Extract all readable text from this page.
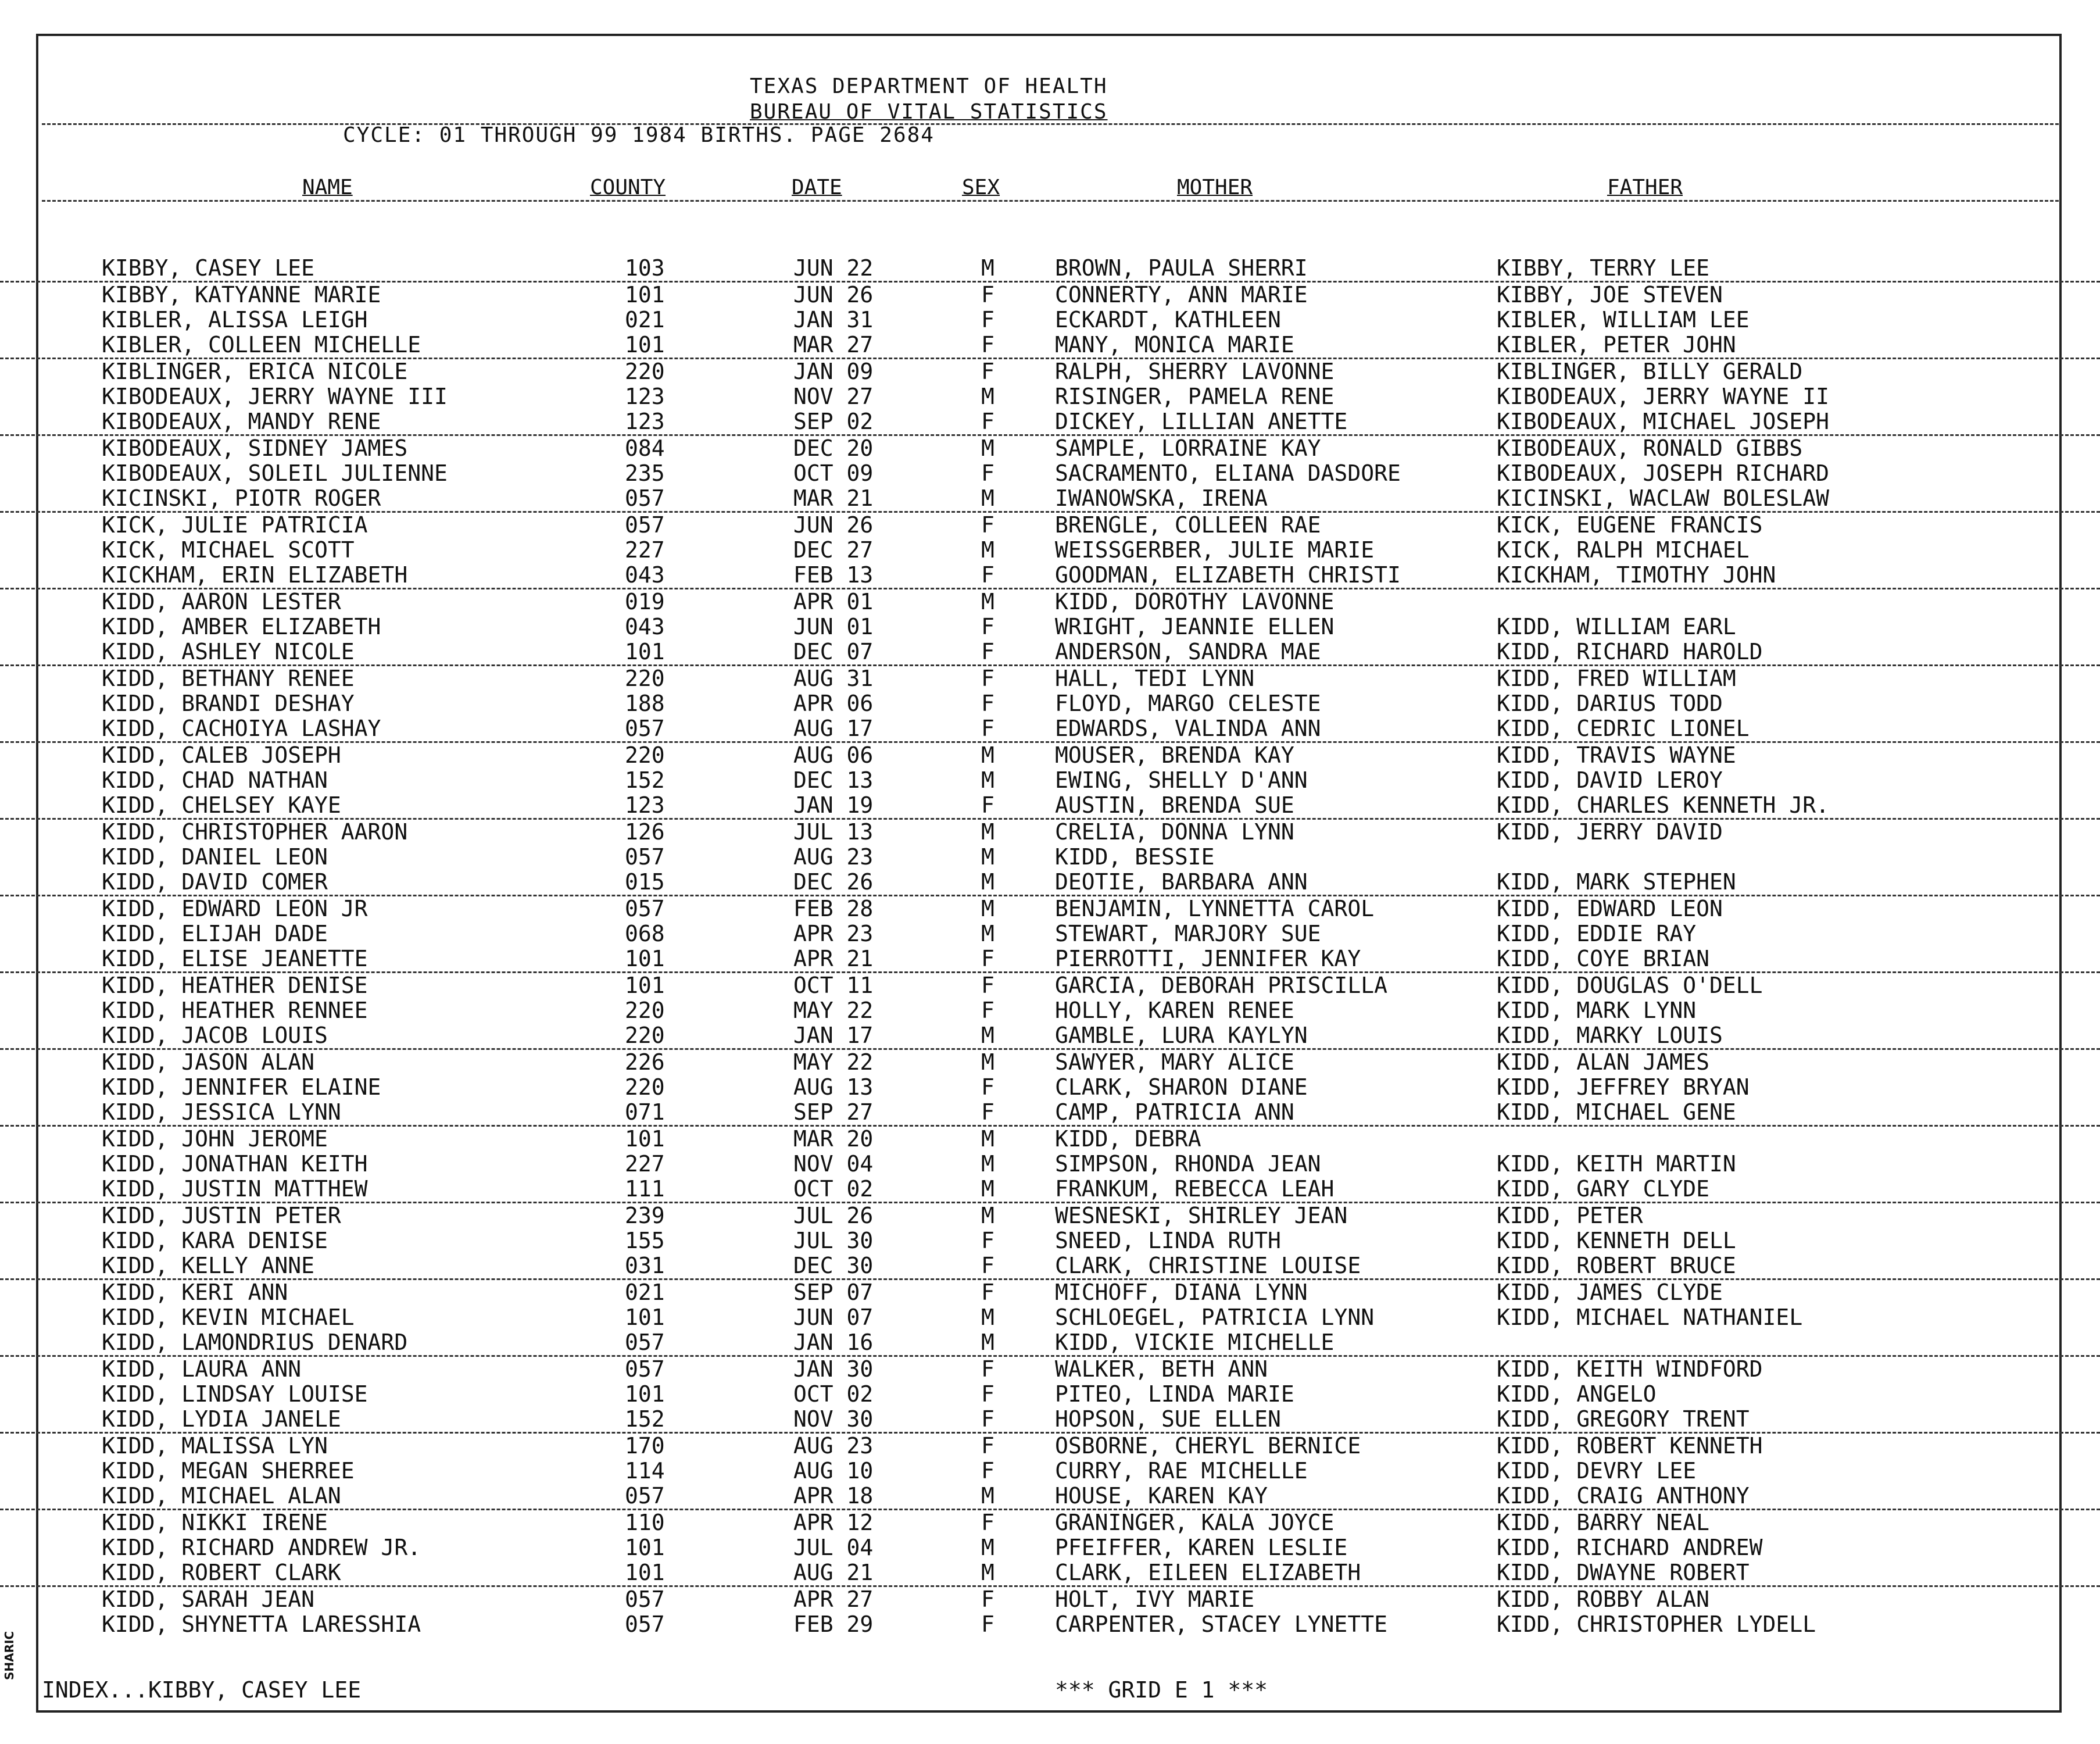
TEXAS DEPARTMENT OF HEALTH
BUREAU OF VITAL STATISTICS
CYCLE: 01 THROUGH 99 1984 BIRTHS. PAGE 2684
NAME	COUNTY	DATE	SEX	MOTHER	FATHER
KIBBY, CASEY LEE	103	JUN 22	M	BROWN, PAULA SHERRI	KIBBY, TERRY LEE
KIBBY, KATYANNE MARIE	101	JUN 26	F	CONNERTY, ANN MARIE	KIBBY, JOE STEVEN
KIBLER, ALISSA LEIGH	021	JAN 31	F	ECKARDT, KATHLEEN	KIBLER, WILLIAM LEE
KIBLER, COLLEEN MICHELLE	101	MAR 27	F	MANY, MONICA MARIE	KIBLER, PETER JOHN
KIBLINGER, ERICA NICOLE	220	JAN 09	F	RALPH, SHERRY LAVONNE	KIBLINGER, BILLY GERALD
KIBODEAUX, JERRY WAYNE III	123	NOV 27	M	RISINGER, PAMELA RENE	KIBODEAUX, JERRY WAYNE II
KIBODEAUX, MANDY RENE	123	SEP 02	F	DICKEY, LILLIAN ANETTE	KIBODEAUX, MICHAEL JOSEPH
KIBODEAUX, SIDNEY JAMES	084	DEC 20	M	SAMPLE, LORRAINE KAY	KIBODEAUX, RONALD GIBBS
KIBODEAUX, SOLEIL JULIENNE	235	OCT 09	F	SACRAMENTO, ELIANA DASDORE	KIBODEAUX, JOSEPH RICHARD
KICINSKI, PIOTR ROGER	057	MAR 21	M	IWANOWSKA, IRENA	KICINSKI, WACLAW BOLESLAW
KICK, JULIE PATRICIA	057	JUN 26	F	BRENGLE, COLLEEN RAE	KICK, EUGENE FRANCIS
KICK, MICHAEL SCOTT	227	DEC 27	M	WEISSGERBER, JULIE MARIE	KICK, RALPH MICHAEL
KICKHAM, ERIN ELIZABETH	043	FEB 13	F	GOODMAN, ELIZABETH CHRISTI	KICKHAM, TIMOTHY JOHN
KIDD, AARON LESTER	019	APR 01	M	KIDD, DOROTHY LAVONNE
KIDD, AMBER ELIZABETH	043	JUN 01	F	WRIGHT, JEANNIE ELLEN	KIDD, WILLIAM EARL
KIDD, ASHLEY NICOLE	101	DEC 07	F	ANDERSON, SANDRA MAE	KIDD, RICHARD HAROLD
KIDD, BETHANY RENEE	220	AUG 31	F	HALL, TEDI LYNN	KIDD, FRED WILLIAM
KIDD, BRANDI DESHAY	188	APR 06	F	FLOYD, MARGO CELESTE	KIDD, DARIUS TODD
KIDD, CACHOIYA LASHAY	057	AUG 17	F	EDWARDS, VALINDA ANN	KIDD, CEDRIC LIONEL
KIDD, CALEB JOSEPH	220	AUG 06	M	MOUSER, BRENDA KAY	KIDD, TRAVIS WAYNE
KIDD, CHAD NATHAN	152	DEC 13	M	EWING, SHELLY D'ANN	KIDD, DAVID LEROY
KIDD, CHELSEY KAYE	123	JAN 19	F	AUSTIN, BRENDA SUE	KIDD, CHARLES KENNETH JR.
KIDD, CHRISTOPHER AARON	126	JUL 13	M	CRELIA, DONNA LYNN	KIDD, JERRY DAVID
KIDD, DANIEL LEON	057	AUG 23	M	KIDD, BESSIE
KIDD, DAVID COMER	015	DEC 26	M	DEOTIE, BARBARA ANN	KIDD, MARK STEPHEN
KIDD, EDWARD LEON JR	057	FEB 28	M	BENJAMIN, LYNNETTA CAROL	KIDD, EDWARD LEON
KIDD, ELIJAH DADE	068	APR 23	M	STEWART, MARJORY SUE	KIDD, EDDIE RAY
KIDD, ELISE JEANETTE	101	APR 21	F	PIERROTTI, JENNIFER KAY	KIDD, COYE BRIAN
KIDD, HEATHER DENISE	101	OCT 11	F	GARCIA, DEBORAH PRISCILLA	KIDD, DOUGLAS O'DELL
KIDD, HEATHER RENNEE	220	MAY 22	F	HOLLY, KAREN RENEE	KIDD, MARK LYNN
KIDD, JACOB LOUIS	220	JAN 17	M	GAMBLE, LURA KAYLYN	KIDD, MARKY LOUIS
KIDD, JASON ALAN	226	MAY 22	M	SAWYER, MARY ALICE	KIDD, ALAN JAMES
KIDD, JENNIFER ELAINE	220	AUG 13	F	CLARK, SHARON DIANE	KIDD, JEFFREY BRYAN
KIDD, JESSICA LYNN	071	SEP 27	F	CAMP, PATRICIA ANN	KIDD, MICHAEL GENE
KIDD, JOHN JEROME	101	MAR 20	M	KIDD, DEBRA
KIDD, JONATHAN KEITH	227	NOV 04	M	SIMPSON, RHONDA JEAN	KIDD, KEITH MARTIN
KIDD, JUSTIN MATTHEW	111	OCT 02	M	FRANKUM, REBECCA LEAH	KIDD, GARY CLYDE
KIDD, JUSTIN PETER	239	JUL 26	M	WESNESKI, SHIRLEY JEAN	KIDD, PETER
KIDD, KARA DENISE	155	JUL 30	F	SNEED, LINDA RUTH	KIDD, KENNETH DELL
KIDD, KELLY ANNE	031	DEC 30	F	CLARK, CHRISTINE LOUISE	KIDD, ROBERT BRUCE
KIDD, KERI ANN	021	SEP 07	F	MICHOFF, DIANA LYNN	KIDD, JAMES CLYDE
KIDD, KEVIN MICHAEL	101	JUN 07	M	SCHLOEGEL, PATRICIA LYNN	KIDD, MICHAEL NATHANIEL
KIDD, LAMONDRIUS DENARD	057	JAN 16	M	KIDD, VICKIE MICHELLE
KIDD, LAURA ANN	057	JAN 30	F	WALKER, BETH ANN	KIDD, KEITH WINDFORD
KIDD, LINDSAY LOUISE	101	OCT 02	F	PITEO, LINDA MARIE	KIDD, ANGELO
KIDD, LYDIA JANELE	152	NOV 30	F	HOPSON, SUE ELLEN	KIDD, GREGORY TRENT
KIDD, MALISSA LYN	170	AUG 23	F	OSBORNE, CHERYL BERNICE	KIDD, ROBERT KENNETH
KIDD, MEGAN SHERREE	114	AUG 10	F	CURRY, RAE MICHELLE	KIDD, DEVRY LEE
KIDD, MICHAEL ALAN	057	APR 18	M	HOUSE, KAREN KAY	KIDD, CRAIG ANTHONY
KIDD, NIKKI IRENE	110	APR 12	F	GRANINGER, KALA JOYCE	KIDD, BARRY NEAL
KIDD, RICHARD ANDREW JR.	101	JUL 04	M	PFEIFFER, KAREN LESLIE	KIDD, RICHARD ANDREW
KIDD, ROBERT CLARK	101	AUG 21	M	CLARK, EILEEN ELIZABETH	KIDD, DWAYNE ROBERT
KIDD, SARAH JEAN	057	APR 27	F	HOLT, IVY MARIE	KIDD, ROBBY ALAN
KIDD, SHYNETTA LARESSHIA	057	FEB 29	F	CARPENTER, STACEY LYNETTE	KIDD, CHRISTOPHER LYDELL
INDEX...KIBBY, CASEY LEE	*** GRID E 1 ***
SHARIC
